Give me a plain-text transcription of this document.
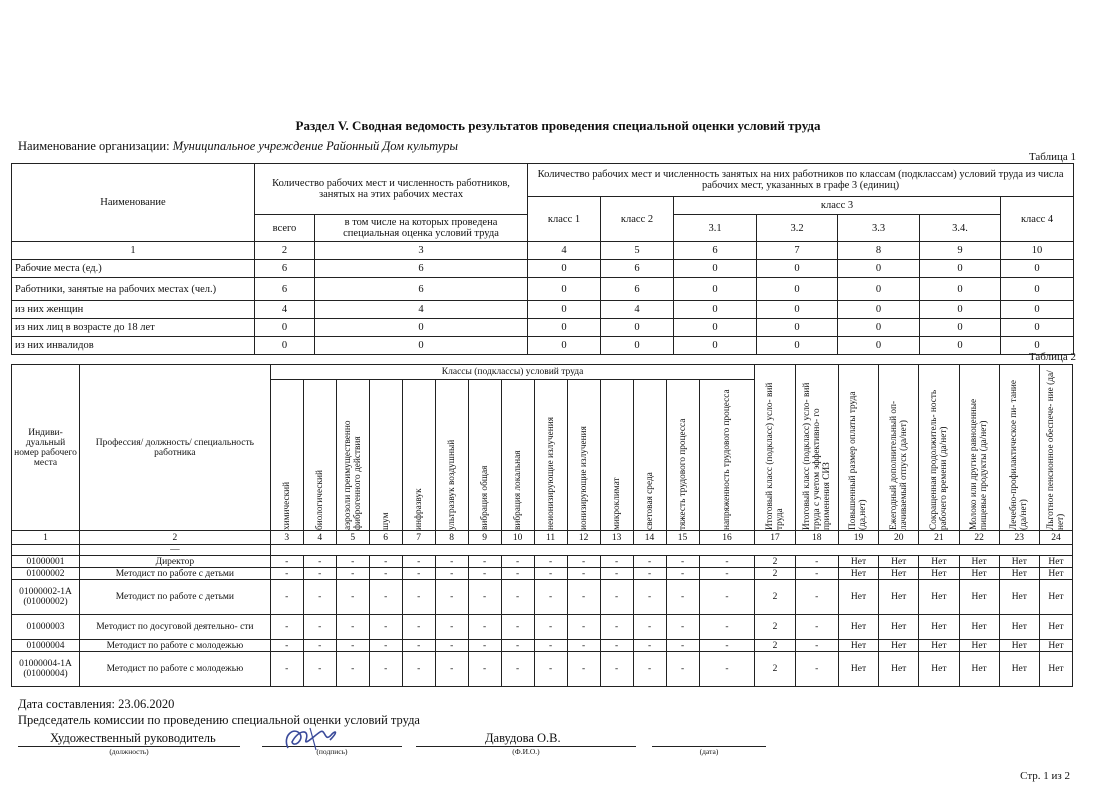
Раздел V. Сводная ведомость результатов проведения специальной оценки условий труда
Наименование организации: Муниципальное учреждение Районный Дом культуры
Таблица 1
Наименование	Количество рабочих мест и численность работников, занятых на этих рабочих местах		Количество рабочих мест и численность занятых на них работников по классам (подклассам) условий труда из числа рабочих мест, указанных в графе 3 (единиц)						
			класс 1	класс 2	класс 3				класс 4
	всего	в том числе на которых проведена специальная оценка условий труда			3.1	3.2	3.3	3.4.	
1	2	3	4	5	6	7	8	9	10
Рабочие места (ед.)	6	6	0	6	0	0	0	0	0
Работники, занятые на рабочих местах (чел.)	6	6	0	6	0	0	0	0	0
из них женщин	4	4	0	4	0	0	0	0	0
из них лиц в возрасте до 18 лет	0	0	0	0	0	0	0	0	0
из них инвалидов	0	0	0	0	0	0	0	0	0
Таблица 2
Индиви- дуальный номер рабочего места	Профессия/ должность/ специальность работника	Классы (подклассы) условий труда														Итоговый класс (подкласс) усло- вий труда	Итоговый класс (подкласс) усло- вий труда с учетом эффективно- го применения СИЗ	Повышенный размер оплаты труда (да,нет)	Ежегодный дополнительный оп- лачиваемый отпуск (да/нет)	Сокращенная продолжитель- ность рабочего времени (да/нет)	Молоко или другие равноценные пищевые продукты (да/нет)	Лечебно-профилактическое пи- тание (да/нет)	Льготное пенсионное обеспече- ние (да/нет)

		химический	биологический	аэрозоли преимущественно фиброгенного действия	шум	инфразвук	ультразвук воздушный	вибрация общая	вибрация локальная	неионизирующие излучения	ионизирующие излучения	микроклимат	световая среда	тяжесть трудового процесса	напряженность трудового процесса								

1	2	3	4	5	6	7	8	9	10	11	12	13	14	15	16	17	18	19	20	21	22	23	24
	—																						
01000001	Директор	-	-	-	-	-	-	-	-	-	-	-	-	-	-	2	-	Нет	Нет	Нет	Нет	Нет	Нет
01000002	Методист по работе с детьми	-	-	-	-	-	-	-	-	-	-	-	-	-	-	2	-	Нет	Нет	Нет	Нет	Нет	Нет
01000002-1А (01000002)	Методист по работе с детьми	-	-	-	-	-	-	-	-	-	-	-	-	-	-	2	-	Нет	Нет	Нет	Нет	Нет	Нет
01000003	Методист по досуговой деятельно- сти	-	-	-	-	-	-	-	-	-	-	-	-	-	-	2	-	Нет	Нет	Нет	Нет	Нет	Нет
01000004	Методист по работе с молодежью	-	-	-	-	-	-	-	-	-	-	-	-	-	-	2	-	Нет	Нет	Нет	Нет	Нет	Нет
01000004-1А (01000004)	Методист по работе с молодежью	-	-	-	-	-	-	-	-	-	-	-	-	-	-	2	-	Нет	Нет	Нет	Нет	Нет	Нет
Дата составления: 23.06.2020
Председатель комиссии по проведению специальной оценки условий труда
Художественный руководитель	Давудова О.В.
(должность)	(подпись)	(Ф.И.О.)	(дата)
Стр. 1 из 2
